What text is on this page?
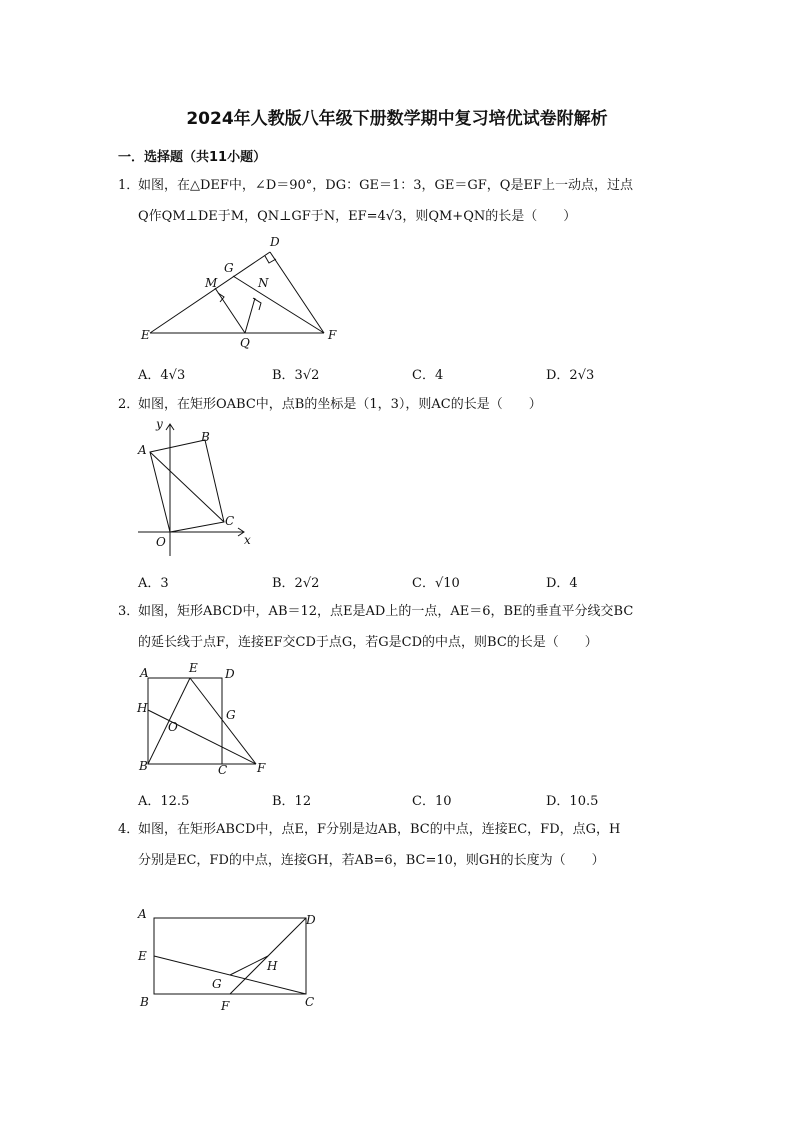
2024年人教版八年级下册数学期中复习培优试卷附解析
一．选择题（共11小题）
1．如图，在△DEF中，∠D＝90°，DG：GE＝1：3，GE＝GF，Q是EF上一动点，过点
Q作QM⊥DE于M，QN⊥GF于N，EF=4√3，则QM+QN的长是（　　）
D
G
M	N
E
Q
F
A．4√3	B．3√2	C．4	D．2√3
2．如图，在矩形OABC中，点B的坐标是（1，3），则AC的长是（　　）
y
A
B
C
O	x
A．3	B．2√2	C．√10	D．4
3．如图，矩形ABCD中，AB＝12，点E是AD上的一点，AE＝6，BE的垂直平分线交BC
的延长线于点F，连接EF交CD于点G，若G是CD的中点，则BC的长是（　　）
A	E D
H
O
G
B	C F
A．12.5	B．12	C．10	D．10.5
4．如图，在矩形ABCD中，点E，F分别是边AB，BC的中点，连接EC，FD，点G，H
分别是EC，FD的中点，连接GH，若AB=6，BC=10，则GH的长度为（　　）
A	D
E
H
G
B	F	C
